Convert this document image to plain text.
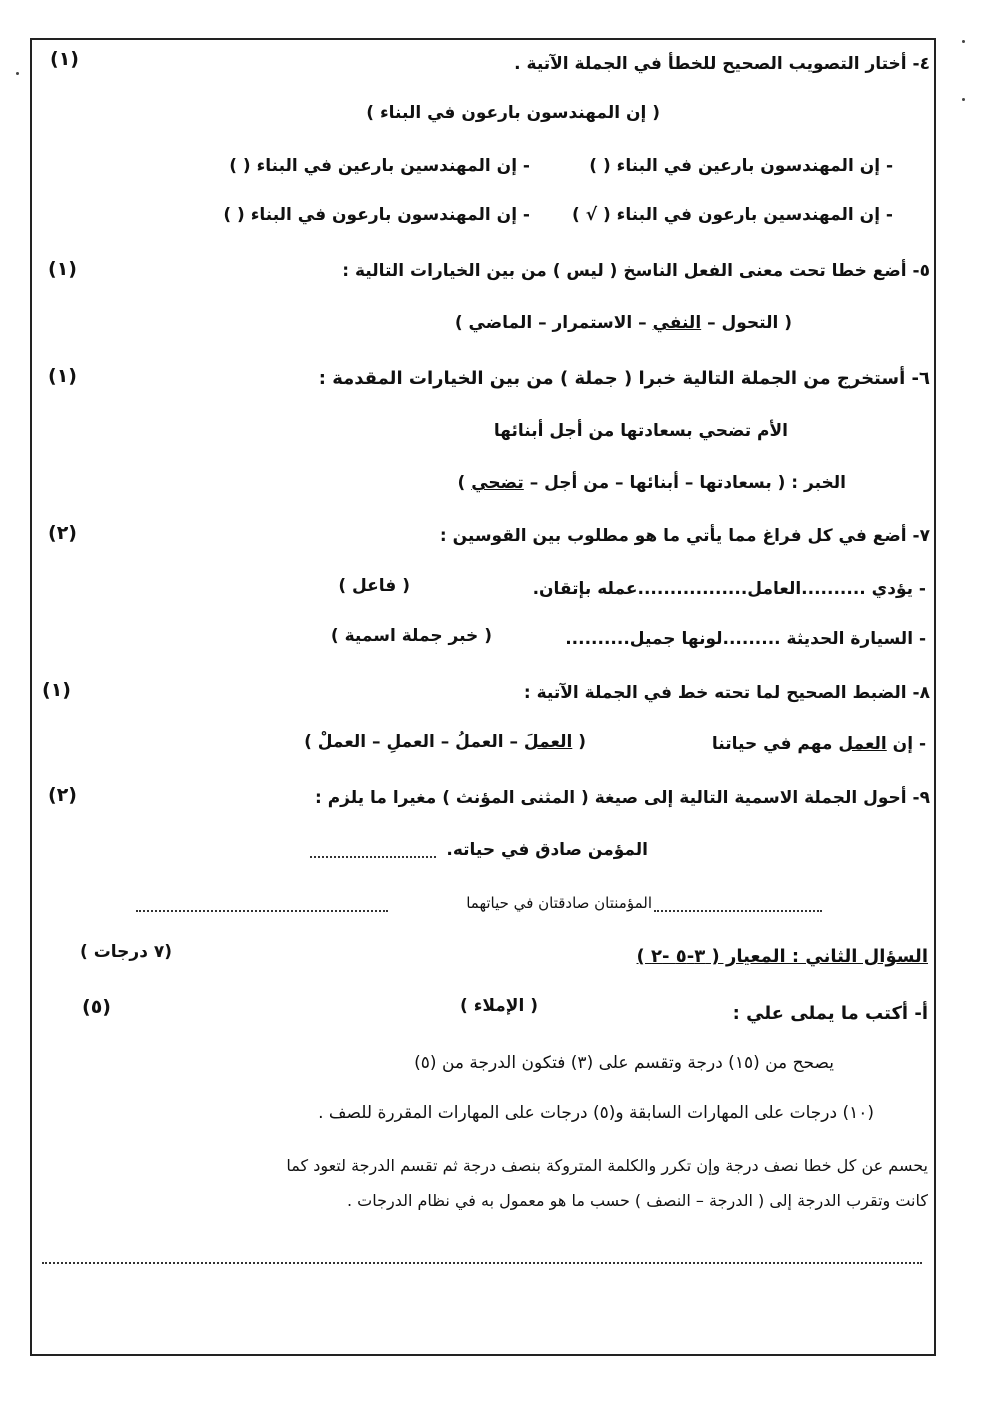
٤- أختار التصويب الصحيح للخطأ في الجملة الآتية .
(١)
( إن المهندسون بارعون في البناء )
- إن المهندسون بارعين في البناء ( )
- إن المهندسين بارعين في البناء ( )
- إن المهندسين بارعون في البناء ( √ )
- إن المهندسون بارعون في البناء ( )
٥- أضع خطا تحت معنى الفعل الناسخ ( ليس ) من بين الخيارات التالية :
(١)
( التحول – النفي – الاستمرار – الماضي )
٦- أستخرج من الجملة التالية خبرا ( جملة ) من بين الخيارات المقدمة :
(١)
الأم تضحي بسعادتها من أجل أبنائها
الخبر : ( بسعادتها – أبنائها – من أجل – تضحي )
٧- أضع في كل فراغ مما يأتي ما هو مطلوب بين القوسين :
(٢)
- يؤدي ..........العامل.................عمله بإتقان.
( فاعل )
- السيارة الحديثة .........لونها جميل..........
( خبر جملة اسمية )
٨- الضبط الصحيح لما تحته خط في الجملة الآتية :
(١)
- إن العمل مهم في حياتنا
( العملَ – العملُ – العملِ – العملْ )
٩- أحول الجملة الاسمية التالية إلى صيغة ( المثنى المؤنث ) مغيرا ما يلزم :
(٢)
المؤمن صادق في حياته.
المؤمنتان صادقتان في حياتهما
السؤال الثاني : المعيار ( ٣-٥ -٢ )
(٧ درجات )
أ- أكتب ما يملى علي :
( الإملاء )
(٥)
يصحح من (١٥) درجة وتقسم على (٣) فتكون الدرجة من (٥)
(١٠) درجات على المهارات السابقة و(٥) درجات على المهارات المقررة للصف .
يحسم عن كل خطا نصف درجة وإن تكرر والكلمة المتروكة بنصف درجة ثم تقسم الدرجة لتعود كما
كانت وتقرب الدرجة إلى ( الدرجة – النصف ) حسب ما هو معمول به في نظام الدرجات .
